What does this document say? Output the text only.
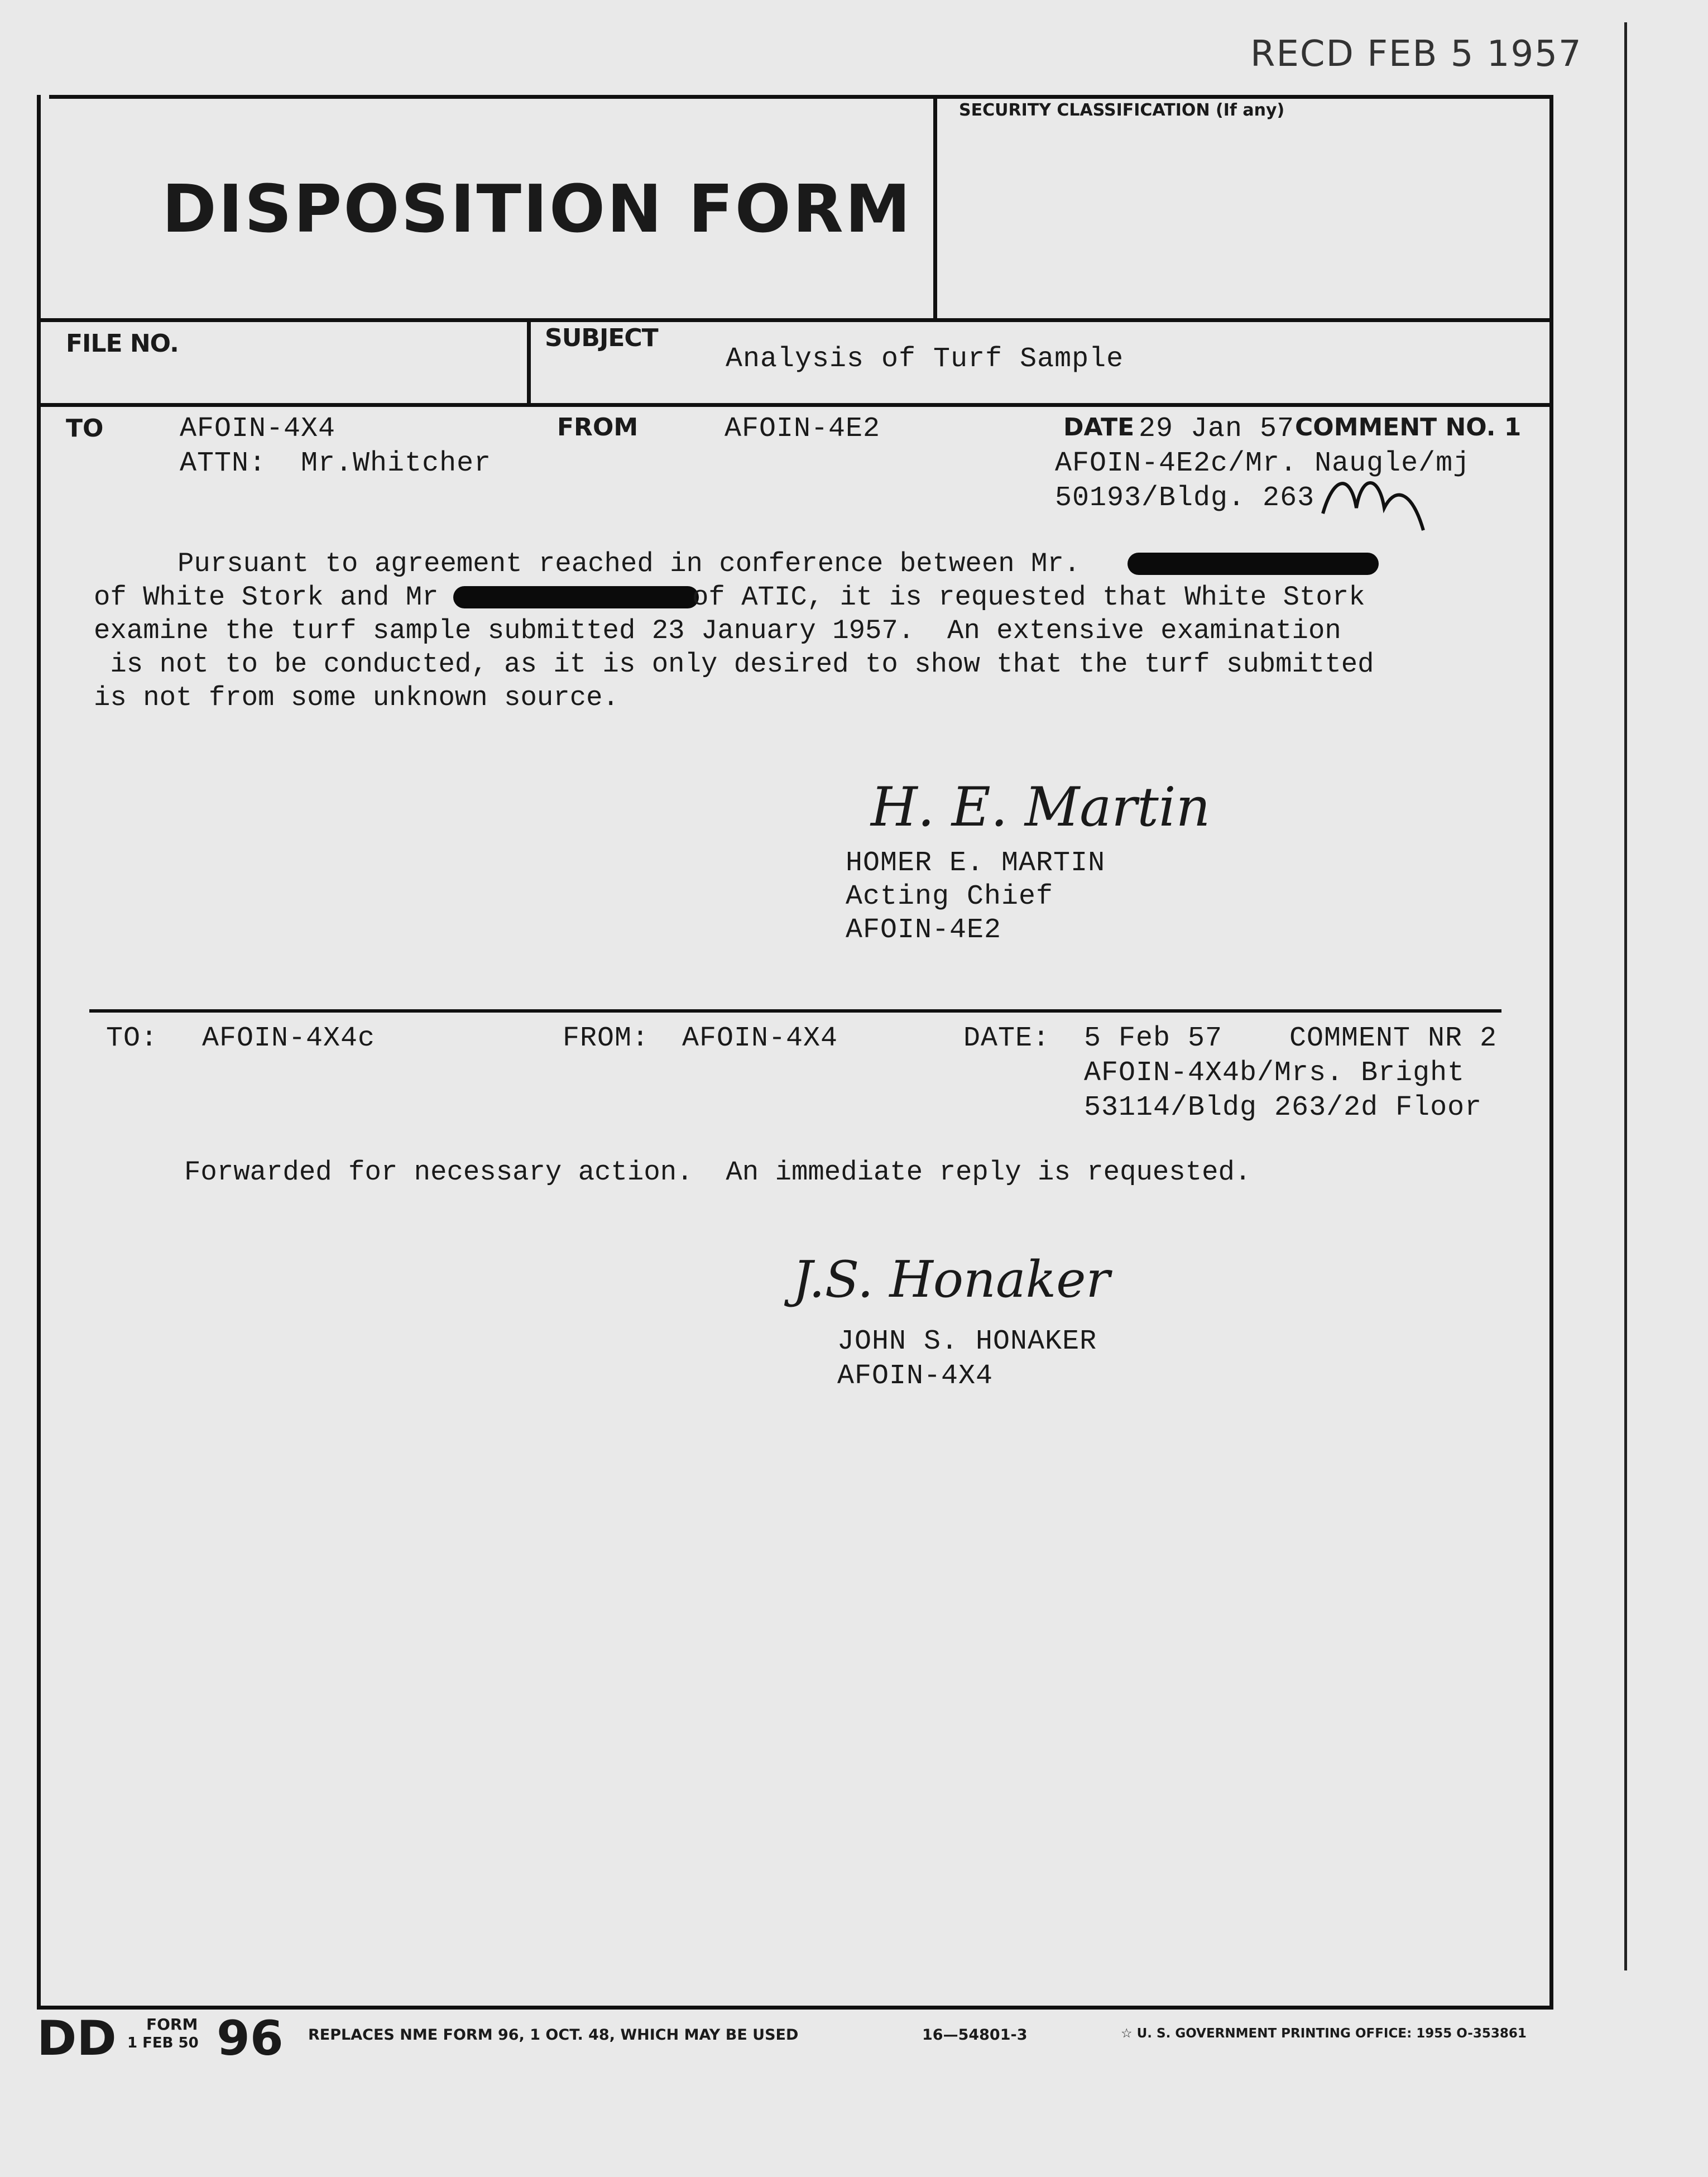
RECD FEB 5 1957
DISPOSITION FORM
SECURITY CLASSIFICATION (If any)
FILE NO.	SUBJECT
Analysis of Turf Sample
TO	AFOIN-4X4
ATTN:  Mr.Whitcher
FROM	AFOIN-4E2	DATE 29 Jan 57 COMMENT NO. 1
AFOIN-4E2c/Mr. Naugle/mj
50193/Bldg. 263
Pursuant to agreement reached in conference between Mr.
of White Stork and Mr	of ATIC, it is requested that White Stork
examine the turf sample submitted 23 January 1957.  An extensive examination
is not to be conducted, as it is only desired to show that the turf submitted
is not from some unknown source.
H. E. Martin
HOMER E. MARTIN
Acting Chief
AFOIN-4E2
TO: AFOIN-4X4c	FROM: AFOIN-4X4	DATE: 5 Feb 57 COMMENT NR 2
AFOIN-4X4b/Mrs. Bright
53114/Bldg 263/2d Floor
Forwarded for necessary action.  An immediate reply is requested.
J.S. Honaker
JOHN S. HONAKER
AFOIN-4X4
DD FORM
1 FEB 50 96 REPLACES NME FORM 96, 1 OCT. 48, WHICH MAY BE USED	16—54801-3	☆ U. S. GOVERNMENT PRINTING OFFICE: 1955 O-353861
